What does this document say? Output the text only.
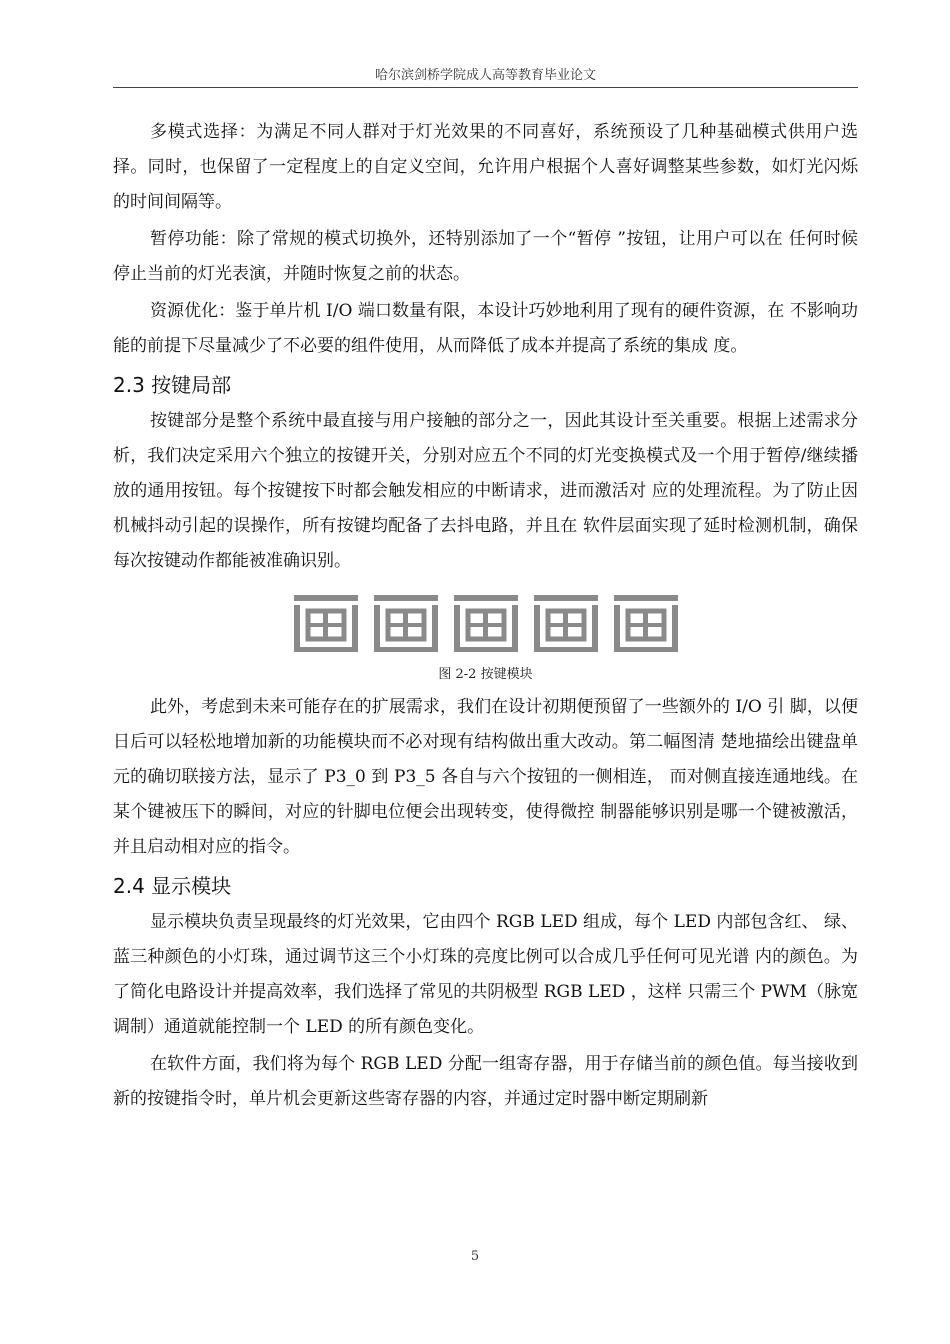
哈尔滨剑桥学院成人高等教育毕业论文

多模式选择：为满足不同人群对于灯光效果的不同喜好，系统预设了几种基础模式供用户选择。同时，也保留了一定程度上的自定义空间，允许用户根据个人喜好调整某些参数，如灯光闪烁的时间间隔等。

暂停功能：除了常规的模式切换外，还特别添加了一个“暂停 ”按钮，让用户可以在 任何时候停止当前的灯光表演，并随时恢复之前的状态。

资源优化：鉴于单片机 I/O 端口数量有限，本设计巧妙地利用了现有的硬件资源，在 不影响功能的前提下尽量减少了不必要的组件使用，从而降低了成本并提高了系统的集成 度。

2.3 按键局部

按键部分是整个系统中最直接与用户接触的部分之一，因此其设计至关重要。根据上述需求分析，我们决定采用六个独立的按键开关，分别对应五个不同的灯光变换模式及一个用于暂停/继续播放的通用按钮。每个按键按下时都会触发相应的中断请求，进而激活对 应的处理流程。为了防止因机械抖动引起的误操作，所有按键均配备了去抖电路，并且在 软件层面实现了延时检测机制，确保每次按键动作都能被准确识别。

图 2-2 按键模块

此外，考虑到未来可能存在的扩展需求，我们在设计初期便预留了一些额外的 I/O 引 脚，以便日后可以轻松地增加新的功能模块而不必对现有结构做出重大改动。第二幅图清 楚地描绘出键盘单元的确切联接方法，显示了 P3_0 到 P3_5 各自与六个按钮的一侧相连， 而对侧直接连通地线。在某个键被压下的瞬间，对应的针脚电位便会出现转变，使得微控 制器能够识别是哪一个键被激活，并且启动相对应的指令。

2.4 显示模块

显示模块负责呈现最终的灯光效果，它由四个 RGB LED 组成，每个 LED 内部包含红、 绿、蓝三种颜色的小灯珠，通过调节这三个小灯珠的亮度比例可以合成几乎任何可见光谱 内的颜色。为了简化电路设计并提高效率，我们选择了常见的共阴极型 RGB LED ，这样 只需三个 PWM（脉宽调制）通道就能控制一个 LED 的所有颜色变化。

在软件方面，我们将为每个 RGB LED 分配一组寄存器，用于存储当前的颜色值。每当接收到新的按键指令时，单片机会更新这些寄存器的内容，并通过定时器中断定期刷新

5
